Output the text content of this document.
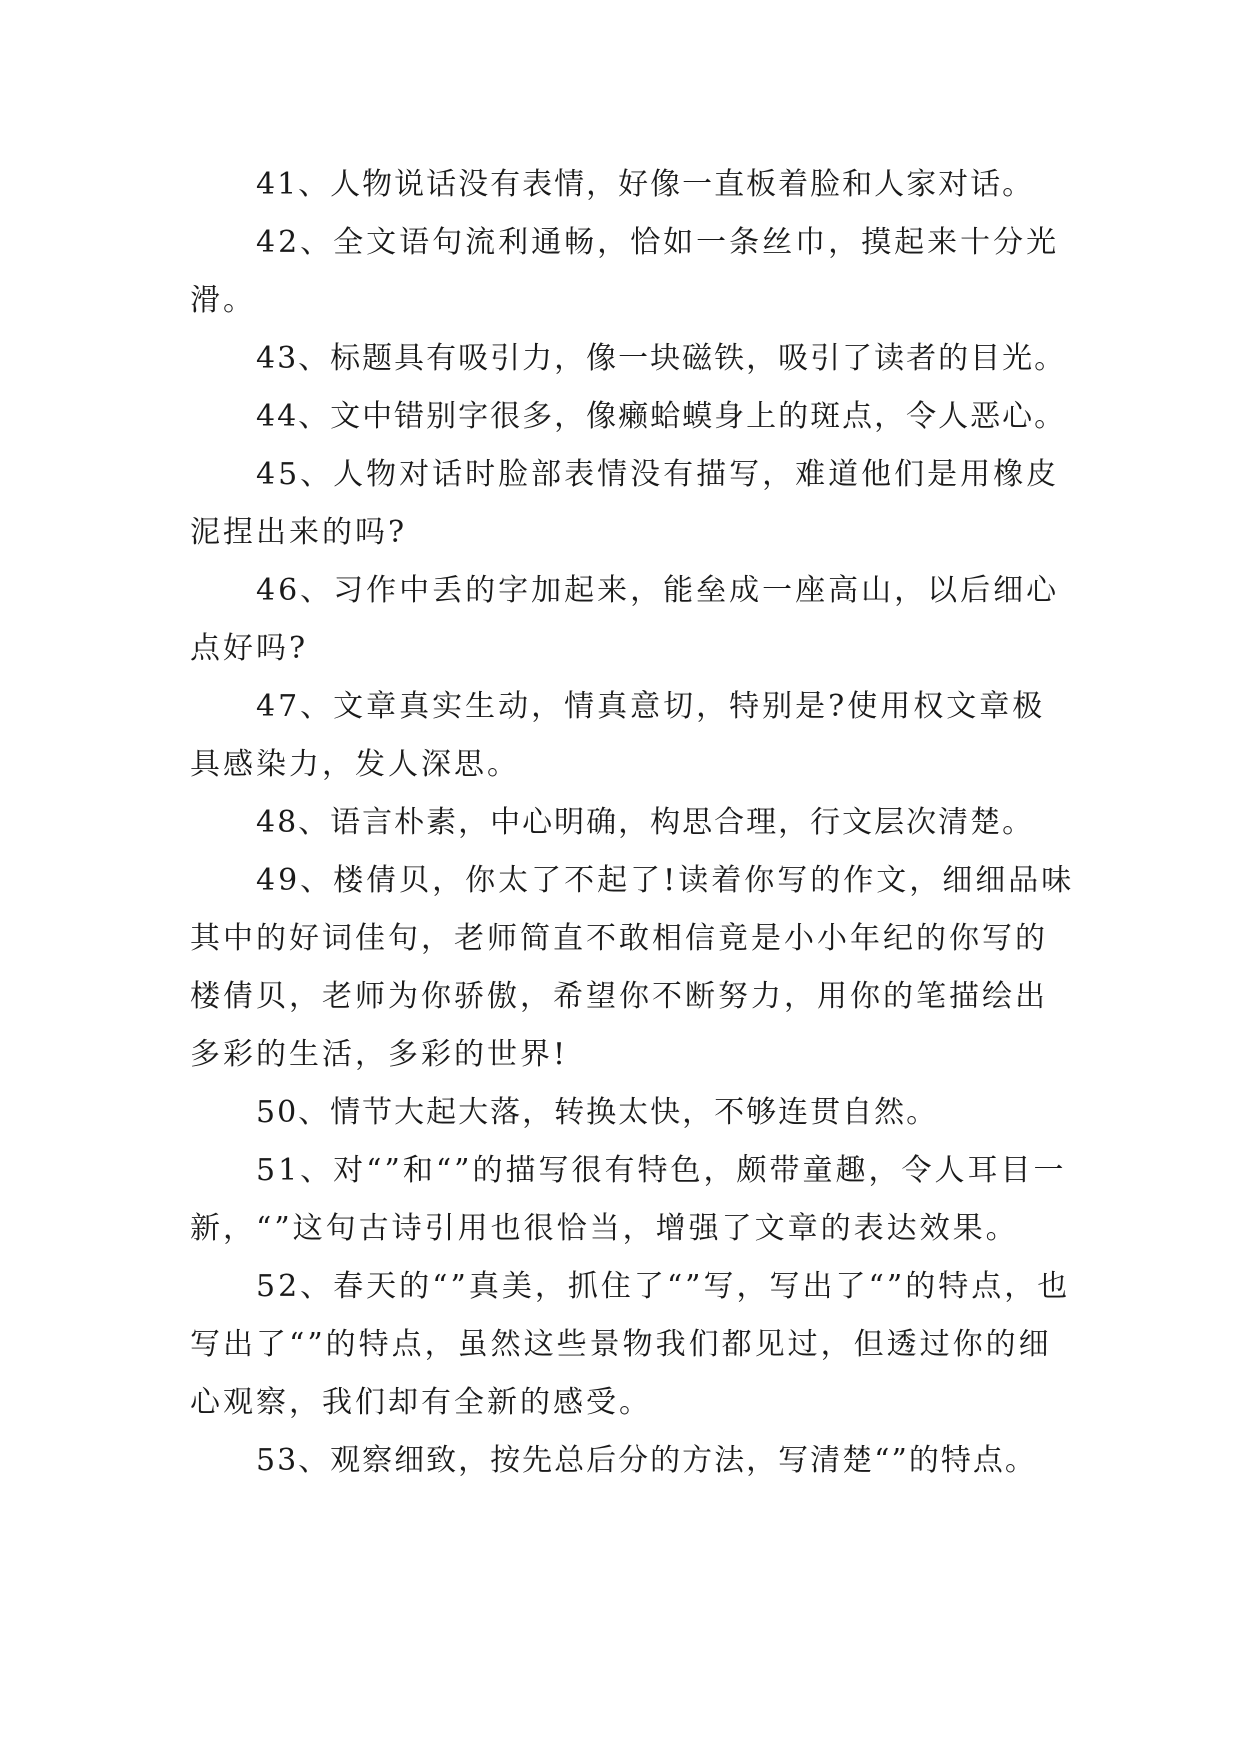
41、人物说话没有表情，好像一直板着脸和人家对话。

42、全文语句流利通畅，恰如一条丝巾，摸起来十分光滑。

43、标题具有吸引力，像一块磁铁，吸引了读者的目光。

44、文中错别字很多，像癞蛤蟆身上的斑点，令人恶心。

45、人物对话时脸部表情没有描写，难道他们是用橡皮泥捏出来的吗?

46、习作中丢的字加起来，能垒成一座高山，以后细心点好吗?

47、文章真实生动，情真意切，特别是?使用权文章极具感染力，发人深思。

48、语言朴素，中心明确，构思合理，行文层次清楚。

49、楼倩贝，你太了不起了!读着你写的作文，细细品味其中的好词佳句，老师简直不敢相信竟是小小年纪的你写的楼倩贝，老师为你骄傲，希望你不断努力，用你的笔描绘出多彩的生活，多彩的世界!

50、情节大起大落，转换太快，不够连贯自然。

51、对“”和“”的描写很有特色，颇带童趣，令人耳目一新，“”这句古诗引用也很恰当，增强了文章的表达效果。

52、春天的“”真美，抓住了“”写，写出了“”的特点，也写出了“”的特点，虽然这些景物我们都见过，但透过你的细心观察，我们却有全新的感受。

53、观察细致，按先总后分的方法，写清楚“”的特点。
